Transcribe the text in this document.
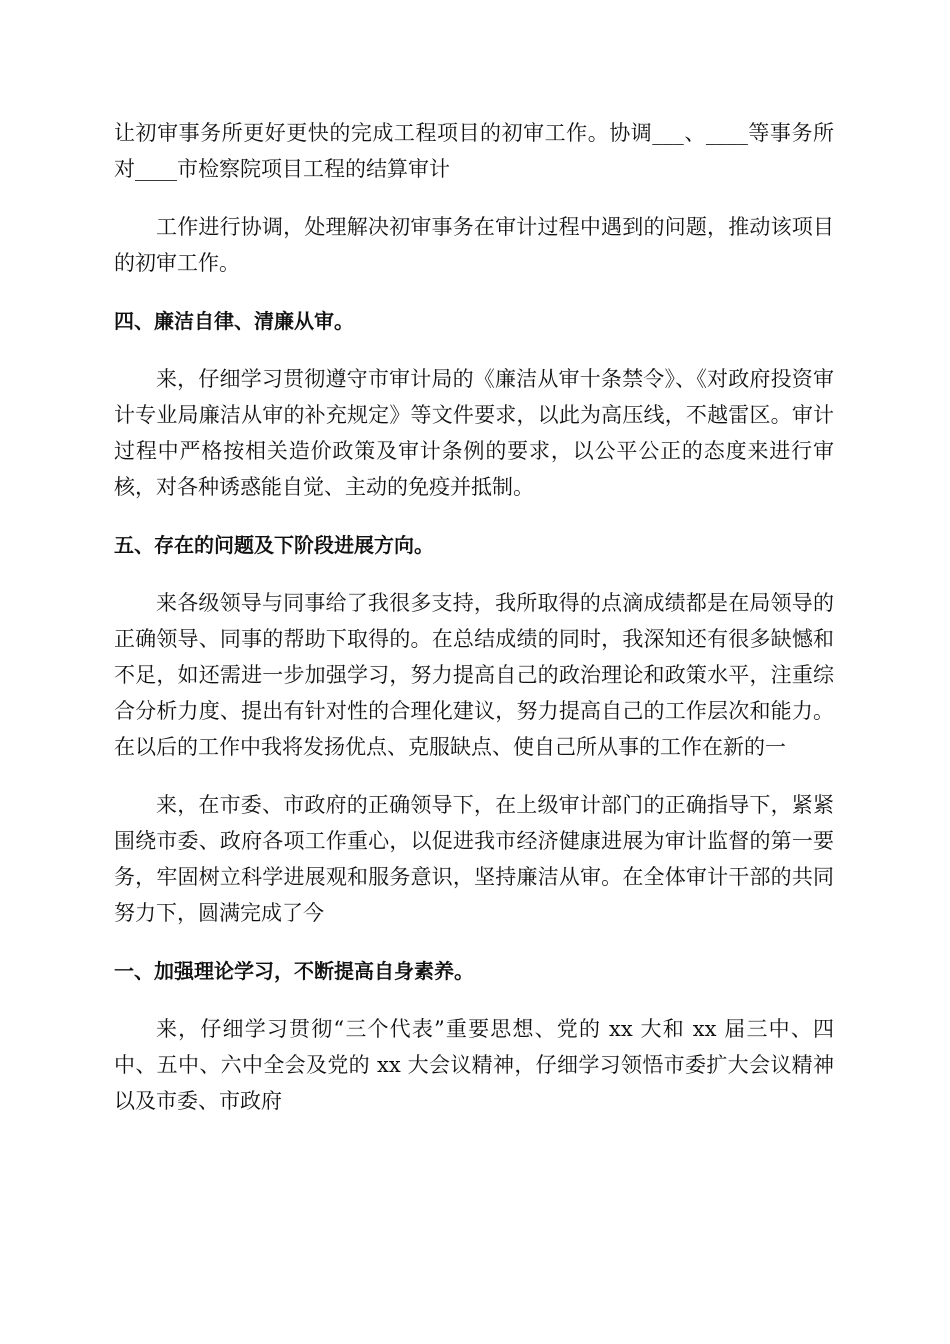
让初审事务所更好更快的完成工程项目的初审工作。协调___、____等事务所对____市检察院项目工程的结算审计

工作进行协调，处理解决初审事务在审计过程中遇到的问题，推动该项目的初审工作。

四、廉洁自律、清廉从审。

来，仔细学习贯彻遵守市审计局的《廉洁从审十条禁令》、《对政府投资审计专业局廉洁从审的补充规定》等文件要求，以此为高压线，不越雷区。审计过程中严格按相关造价政策及审计条例的要求，以公平公正的态度来进行审核，对各种诱惑能自觉、主动的免疫并抵制。

五、存在的问题及下阶段进展方向。

来各级领导与同事给了我很多支持，我所取得的点滴成绩都是在局领导的正确领导、同事的帮助下取得的。在总结成绩的同时，我深知还有很多缺憾和不足，如还需进一步加强学习，努力提高自己的政治理论和政策水平，注重综合分析力度、提出有针对性的合理化建议，努力提高自己的工作层次和能力。在以后的工作中我将发扬优点、克服缺点、使自己所从事的工作在新的一

来，在市委、市政府的正确领导下，在上级审计部门的正确指导下，紧紧围绕市委、政府各项工作重心，以促进我市经济健康进展为审计监督的第一要务，牢固树立科学进展观和服务意识，坚持廉洁从审。在全体审计干部的共同努力下，圆满完成了今

一、加强理论学习，不断提高自身素养。

来，仔细学习贯彻“三个代表”重要思想、党的 xx 大和 xx 届三中、四中、五中、六中全会及党的 xx 大会议精神，仔细学习领悟市委扩大会议精神以及市委、市政府
